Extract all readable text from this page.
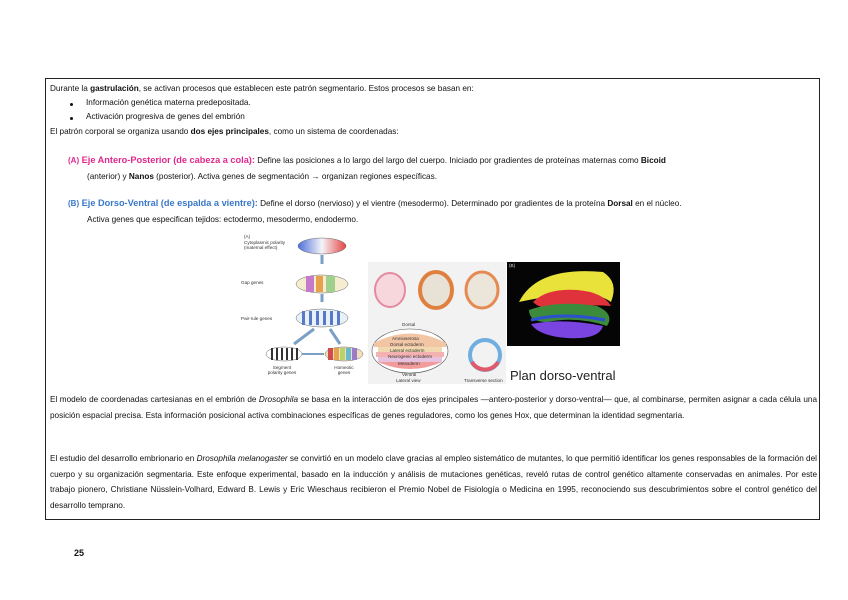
Durante la gastrulación, se activan procesos que establecen este patrón segmentario. Estos procesos se basan en:
Información genética materna predepositada.
Activación progresiva de genes del embrión
El patrón corporal se organiza usando dos ejes principales, como un sistema de coordenadas:
(A) Eje Antero-Posterior (de cabeza a cola): Define las posiciones a lo largo del largo del cuerpo. Iniciado por gradientes de proteínas maternas como Bicoid
(anterior) y Nanos (posterior). Activa genes de segmentación → organizan regiones específicas.
(B) Eje Dorso-Ventral (de espalda a vientre): Define el dorso (nervioso) y el vientre (mesodermo). Determinado por gradientes de la proteína Dorsal en el núcleo.
Activa genes que especifican tejidos: ectodermo, mesodermo, endodermo.
(A)
Cytoplasmic polarity (maternal effect)
Gap genes
Pair-rule genes
Segment polarity genes
Homeotic genes
Dorsal
Amnioserosa
Dorsal ectoderm
Lateral ectoderm
Neurogenic ectoderm
Mesoderm
Ventral
Lateral view	Transverse section
(B)
Plan dorso-ventral
El modelo de coordenadas cartesianas en el embrión de Drosophila se basa en la interacción de dos ejes principales —antero-posterior y dorso-ventral— que, al combinarse, permiten asignar a cada célula una posición espacial precisa. Esta información posicional activa combinaciones específicas de genes reguladores, como los genes Hox, que determinan la identidad segmentaria.
El estudio del desarrollo embrionario en Drosophila melanogaster se convirtió en un modelo clave gracias al empleo sistemático de mutantes, lo que permitió identificar los genes responsables de la formación del cuerpo y su organización segmentaria. Este enfoque experimental, basado en la inducción y análisis de mutaciones genéticas, reveló rutas de control genético altamente conservadas en animales. Por este trabajo pionero, Christiane Nüsslein-Volhard, Edward B. Lewis y Eric Wieschaus recibieron el Premio Nobel de Fisiología o Medicina en 1995, reconociendo sus descubrimientos sobre el control genético del desarrollo temprano.
25
